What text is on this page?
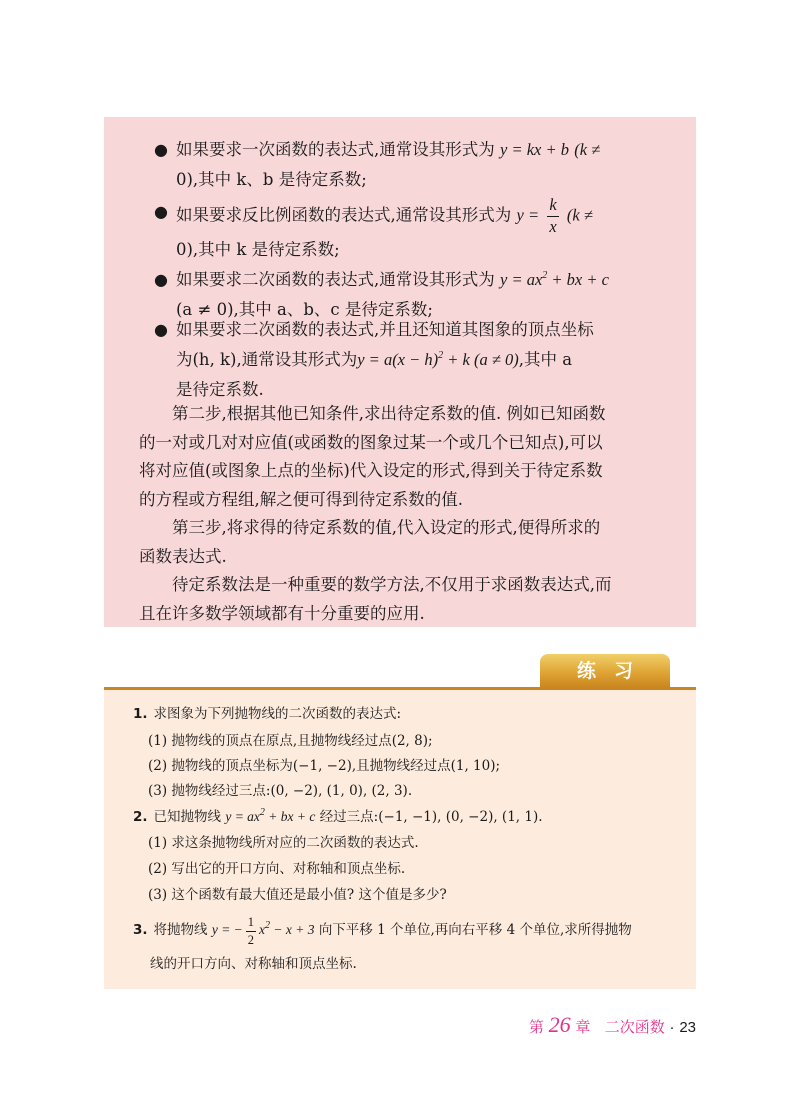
● 如果要求一次函数的表达式,通常设其形式为 y = kx + b (k ≠
0),其中 k、b 是待定系数;
● 如果要求反比例函数的表达式,通常设其形式为 $y = \frac{k}{x} (k$ ≠
0),其中 k 是待定系数;
● 如果要求二次函数的表达式,通常设其形式为 $y = ax^2$ + bx + c
(a ≠ 0),其中 a、b、c 是待定系数;
● 如果要求二次函数的表达式,并且还知道其图象的顶点坐标
为(h, k),通常设其形式为$y = a(x - h)^2 + k$ (a ≠ 0),其中 a
是待定系数.
第二步,根据其他已知条件,求出待定系数的值. 例如已知函数
的一对或几对对应值(或函数的图象过某一个或几个已知点),可以
将对应值(或图象上点的坐标)代入设定的形式,得到关于待定系数
的方程或方程组,解之便可得到待定系数的值.
第三步,将求得的待定系数的值,代入设定的形式,便得所求的
函数表达式.
待定系数法是一种重要的数学方法,不仅用于求函数表达式,而
且在许多数学领域都有十分重要的应用.
练习
1. 求图象为下列抛物线的二次函数的表达式:
(1) 抛物线的顶点在原点,且抛物线经过点(2, 8);
(2) 抛物线的顶点坐标为(−1, −2),且抛物线经过点(1, 10);
(3) 抛物线经过三点:(0, −2), (1, 0), (2, 3).
2. 已知抛物线 $y = ax^2$ + bx + c 经过三点:(−1, −1), (0, −2), (1, 1).
(1) 求这条抛物线所对应的二次函数的表达式.
(2) 写出它的开口方向、对称轴和顶点坐标.
(3) 这个函数有最大值还是最小值? 这个值是多少?
3. 将抛物线 y = − $\frac{1}{2} x^2 - x + 3$ 向下平移 1 个单位,再向右平移 4 个单位,求所得抛物
线的开口方向、对称轴和顶点坐标.
第 26 章 二次函数 · 23
